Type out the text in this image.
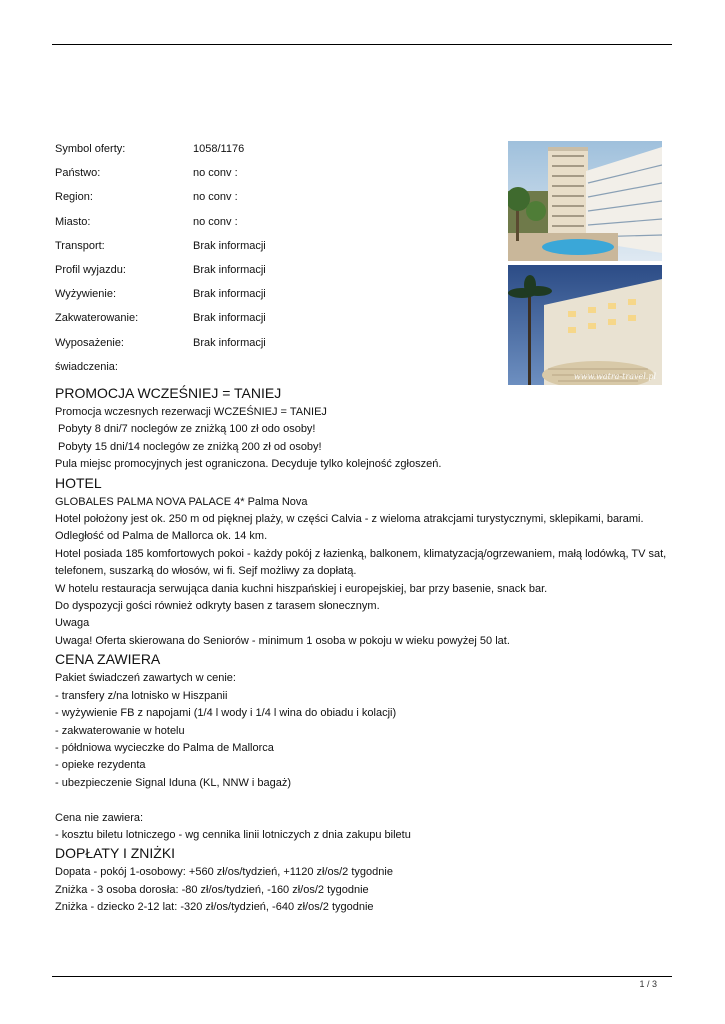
Symbol oferty:	1058/1176
Państwo:	no conv :
Region:	no conv :
Miasto:	no conv :
Transport:	Brak informacji
Profil wyjazdu:	Brak informacji
Wyżywienie:	Brak informacji
Zakwaterowanie:	Brak informacji
Wyposażenie:	Brak informacji
świadczenia:
www.watra-travel.pl
PROMOCJA WCZEŚNIEJ = TANIEJ
Promocja wczesnych rezerwacji WCZEŚNIEJ = TANIEJ
Pobyty 8 dni/7 noclegów ze zniżką 100 zł odo osoby!
Pobyty 15 dni/14 noclegów ze zniżką 200 zł od osoby!
Pula miejsc promocyjnych jest ograniczona. Decyduje tylko kolejność zgłoszeń.
HOTEL
GLOBALES PALMA NOVA PALACE 4* Palma Nova
Hotel położony jest ok. 250 m od pięknej plaży, w części Calvia - z wieloma atrakcjami turystycznymi, sklepikami, barami.
Odległość od Palma de Mallorca ok. 14 km.
Hotel posiada 185 komfortowych pokoi - każdy pokój z łazienką, balkonem, klimatyzacją/ogrzewaniem, małą lodówką, TV sat,
telefonem, suszarką do włosów, wi fi. Sejf możliwy za dopłatą.
W hotelu restauracja serwująca dania kuchni hiszpańskiej i europejskiej, bar przy basenie, snack bar.
Do dyspozycji gości również odkryty basen z tarasem słonecznym.
Uwaga
Uwaga! Oferta skierowana do Seniorów - minimum 1 osoba w pokoju w wieku powyżej 50 lat.
CENA ZAWIERA
Pakiet świadczeń zawartych w cenie:
- transfery z/na lotnisko w Hiszpanii
- wyżywienie FB z napojami (1/4 l wody i 1/4 l wina do obiadu i kolacji)
- zakwaterowanie w hotelu
- półdniowa wycieczke do Palma de Mallorca
- opieke rezydenta
- ubezpieczenie Signal Iduna (KL, NNW i bagaż)
Cena nie zawiera:
- kosztu biletu lotniczego - wg cennika linii lotniczych z dnia zakupu biletu
DOPŁATY I ZNIŻKI
Dopata - pokój 1-osobowy: +560 zł/os/tydzień, +1120 zł/os/2 tygodnie
Zniżka - 3 osoba dorosła: -80 zł/os/tydzień, -160 zł/os/2 tygodnie
Zniżka - dziecko 2-12 lat: -320 zł/os/tydzień, -640 zł/os/2 tygodnie
1 / 3
